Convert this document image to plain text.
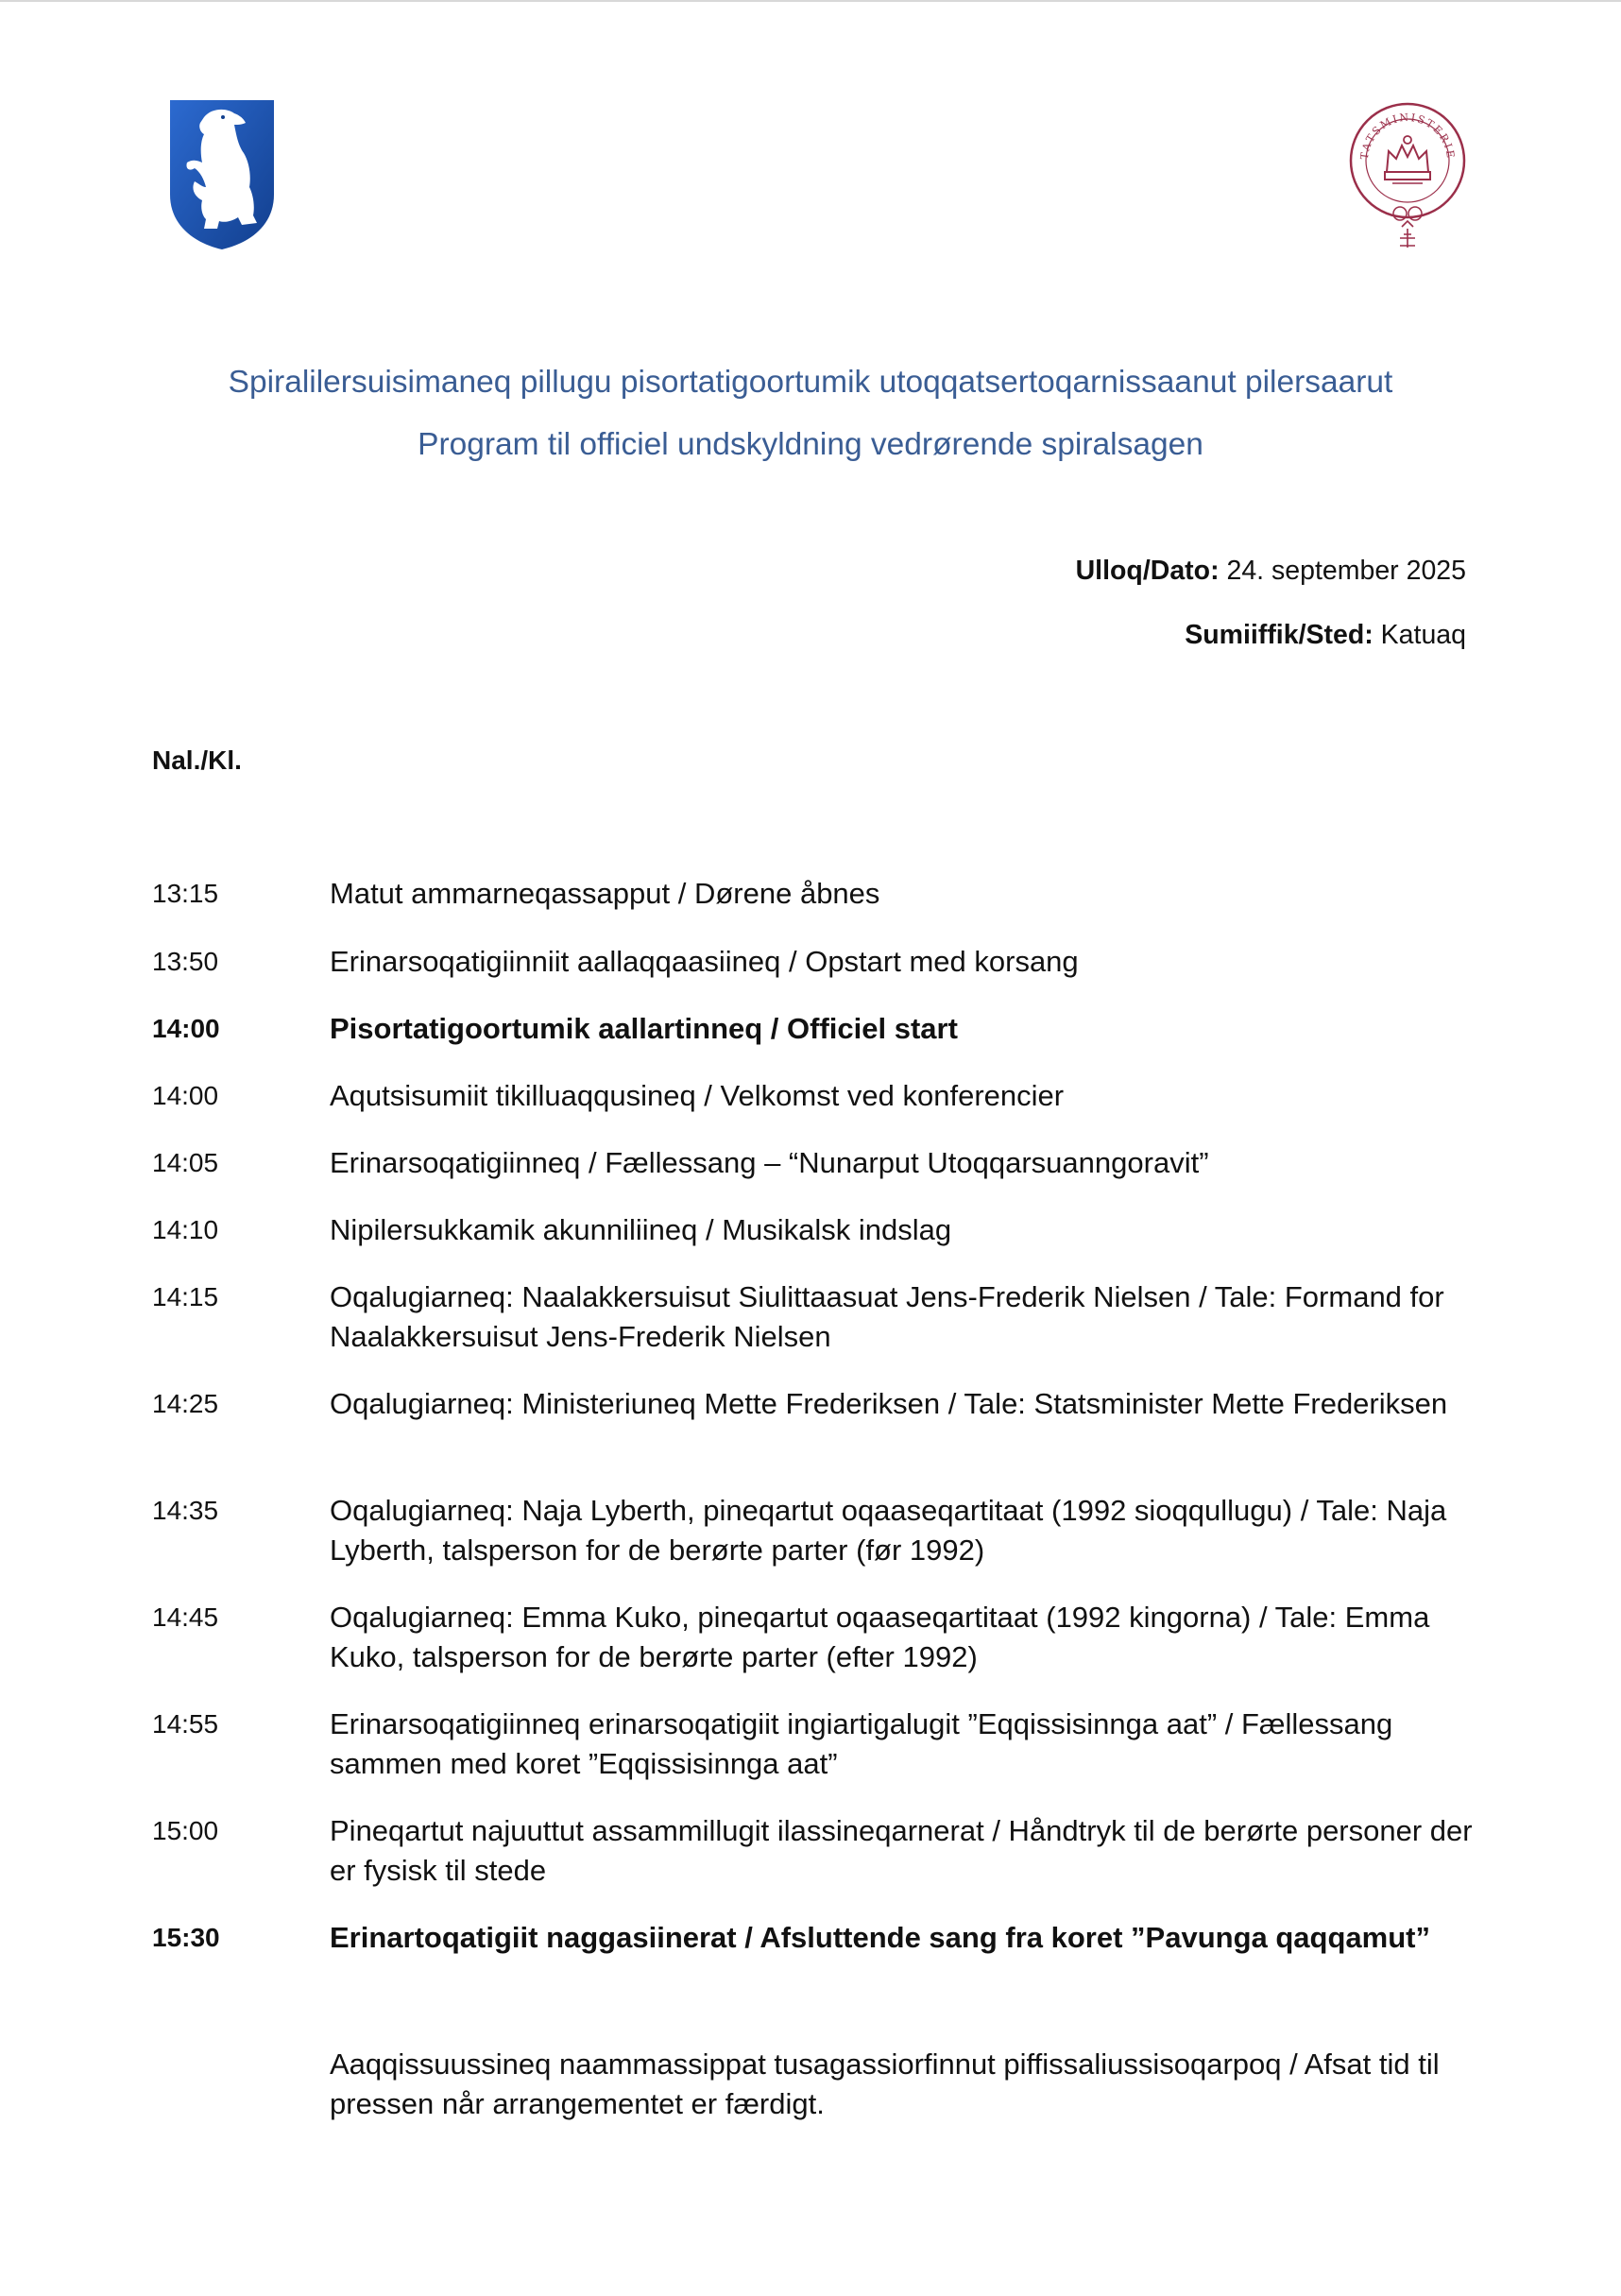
TATSMINISTERIE
Spiralilersuisimaneq pillugu pisortatigoortumik utoqqatsertoqarnissaanut pilersaarut
Program til officiel undskyldning vedrørende spiralsagen
Ulloq/Dato: 24. september 2025
Sumiiffik/Sted: Katuaq
Nal./Kl.
13:15	Matut ammarneqassapput / Dørene åbnes
13:50	Erinarsoqatigiinniit aallaqqaasiineq / Opstart med korsang
14:00	Pisortatigoortumik aallartinneq / Officiel start
14:00	Aqutsisumiit tikilluaqqusineq / Velkomst ved konferencier
14:05	Erinarsoqatigiinneq / Fællessang – “Nunarput Utoqqarsuanngoravit”
14:10	Nipilersukkamik akunniliineq / Musikalsk indslag
14:15	Oqalugiarneq: Naalakkersuisut Siulittaasuat Jens-Frederik Nielsen / Tale: Formand for Naalakkersuisut Jens-Frederik Nielsen
14:25	Oqalugiarneq: Ministeriuneq Mette Frederiksen / Tale: Statsminister Mette Frederiksen
14:35	Oqalugiarneq: Naja Lyberth, pineqartut oqaaseqartitaat (1992 sioqqullugu) / Tale: Naja Lyberth, talsperson for de berørte parter (før 1992)
14:45	Oqalugiarneq: Emma Kuko, pineqartut oqaaseqartitaat (1992 kingorna) / Tale: Emma Kuko, talsperson for de berørte parter (efter 1992)
14:55	Erinarsoqatigiinneq erinarsoqatigiit ingiartigalugit ”Eqqissisinnga aat” / Fællessang sammen med koret ”Eqqissisinnga aat”
15:00	Pineqartut najuuttut assammillugit ilassineqarnerat / Håndtryk til de berørte personer der er fysisk til stede
15:30	Erinartoqatigiit naggasiinerat / Afsluttende sang fra koret ”Pavunga qaqqamut”
Aaqqissuussineq naammassippat tusagassiorfinnut piffissaliussisoqarpoq / Afsat tid til pressen når arrangementet er færdigt.
